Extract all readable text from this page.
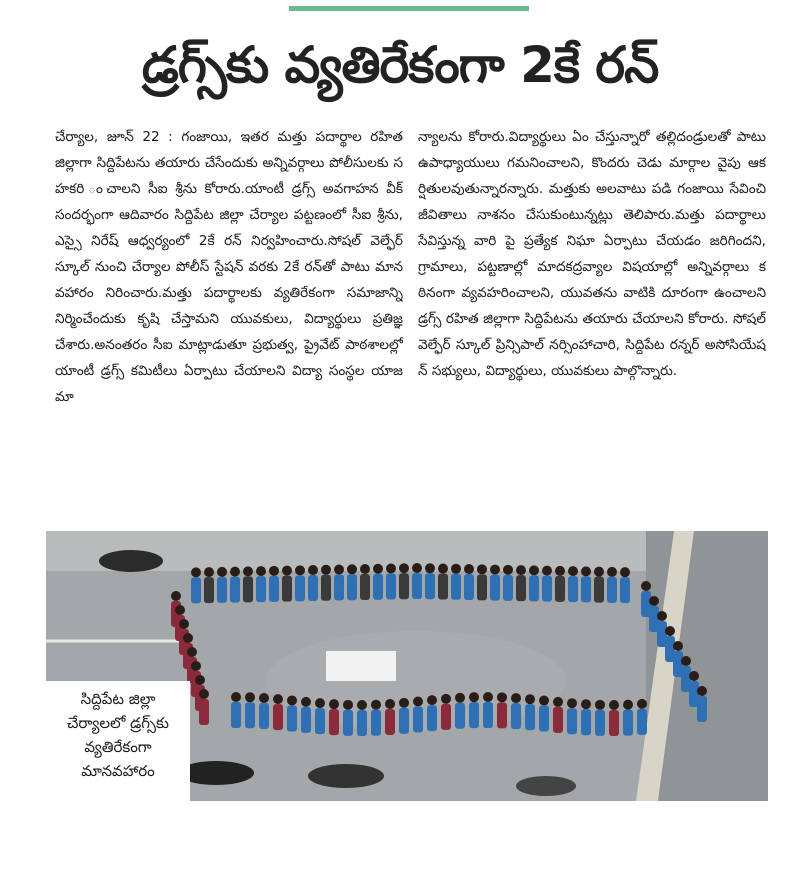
డ్రగ్స్‌కు వ్యతిరేకంగా 2కే రన్
చేర్యాల, జూన్ 22 : గంజాయి, ఇతర మత్తు పదార్థాల రహిత జిల్లాగా సిద్దిపేటను తయారు చేసేందుకు అన్నివర్గాలు పోలీసులకు సహకరి ంచాలని సీఐ శ్రీను కోరారు.యాంటీ డ్రగ్స్ అవగాహన వీక్ సందర్భంగా ఆదివారం సిద్దిపేట జిల్లా చేర్యాల పట్టణంలో సీఐ శ్రీను, ఎస్సై నిరేష్ ఆధ్వర్యంలో 2కే రన్ నిర్వహించారు.సోషల్ వెల్ఫేర్ స్కూల్ నుంచి చేర్యాల పోలీస్ స్టేషన్ వరకు 2కే రన్‌తో పాటు మానవహారం నిరించారు.మత్తు పదార్థాలకు వ్యతిరేకంగా సమాజాన్ని నిర్మించేందుకు కృషి చేస్తామని యువకులు, విద్యార్థులు ప్రతిజ్ఞ చేశారు.అనంతరం సీఐ మాట్లాడుతూ ప్రభుత్వ, ప్రైవేట్ పాఠశాలల్లో యాంటీ డ్రగ్స్ కమిటీలు ఏర్పాటు చేయాలని విద్యా సంస్థల యాజమా
న్యాలను కోరారు.విద్యార్థులు ఏం చేస్తున్నారో తల్లిదండ్రులతో పాటు ఉపాధ్యాయులు గమనించాలని, కొందరు చెడు మార్గాల వైపు ఆకర్షితులవుతున్నారన్నారు. మత్తుకు అలవాటు పడి గంజాయి సేవించి జీవితాలు నాశనం చేసుకుంటున్నట్లు తెలిపారు.మత్తు పదార్థాలు సేవిస్తున్న వారి పై ప్రత్యేక నిఘా ఏర్పాటు చేయడం జరిగిందని, గ్రామాలు, పట్టణాల్లో మాదకద్రవ్యాల విషయాల్లో అన్నివర్గాలు కఠినంగా వ్యవహరించాలని, యువతను వాటికి దూరంగా ఉంచాలని డ్రగ్స్ రహిత జిల్లాగా సిద్దిపేటను తయారు చేయాలని కోరారు. సోషల్ వెల్ఫేర్ స్కూల్ ప్రిన్సిపాల్ నర్సింహాచారి, సిద్దిపేట రన్నర్ అసోసియేషన్ సభ్యులు, విద్యార్థులు, యువకులు పాల్గొన్నారు.
సిద్దిపేట జిల్లా
చేర్యాలలో డ్రగ్స్‌కు
వ్యతిరేకంగా
మానవహారం
